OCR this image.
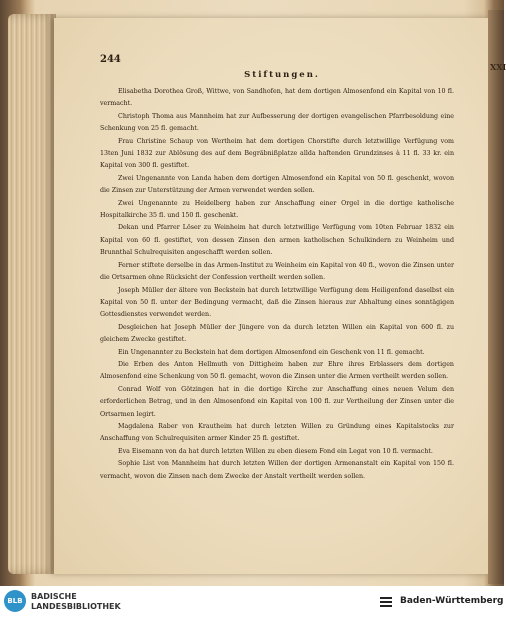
XXI
244
Stiftungen.

Elisabetha Dorothea Groß, Wittwe, von Sandhofen, hat dem dortigen Almosenfond ein Kapital von 10 fl. vermacht.

Christoph Thoma aus Mannheim hat zur Aufbesserung der dortigen evangelischen Pfarrbesoldung eine Schenkung von 25 fl. gemacht.

Frau Christine Schaup von Wertheim hat dem dortigen Chorstifte durch letztwillige Verfügung vom 13ten Juni 1832 zur Ablösung des auf dem Begräbnißplatze allda haftenden Grundzinses à 11 fl. 33 kr. ein Kapital von 300 fl. gestiftet.

Zwei Ungenannte von Landa haben dem dortigen Almosenfond ein Kapital von 50 fl. geschenkt, wovon die Zinsen zur Unterstützung der Armen verwendet werden sollen.

Zwei Ungenannte zu Heidelberg haben zur Anschaffung einer Orgel in die dortige katholische Hospitalkirche 35 fl. und 150 fl. geschenkt.

Dekan und Pfarrer Löser zu Weinheim hat durch letztwillige Verfügung vom 10ten Februar 1832 ein Kapital von 60 fl. gestiftet, von dessen Zinsen den armen katholischen Schulkindern zu Weinheim und Brunnthal Schulrequisiten angeschafft werden sollen.

Ferner stiftete derselbe in das Armen-Institut zu Weinheim ein Kapital von 40 fl., wovon die Zinsen unter die Ortsarmen ohne Rücksicht der Confession vertheilt werden sollen.

Joseph Müller der ältere von Beckstein hat durch letztwillige Verfügung dem Heiligenfond daselbst ein Kapital von 50 fl. unter der Bedingung vermacht, daß die Zinsen hieraus zur Abhaltung eines sonntägigen Gottesdienstes verwendet werden.

Desgleichen hat Joseph Müller der Jüngere von da durch letzten Willen ein Kapital von 600 fl. zu gleichem Zwecke gestiftet.

Ein Ungenannter zu Beckstein hat dem dortigen Almosenfond ein Geschenk von 11 fl. gemacht.

Die Erben des Anton Hellmuth von Dittigheim haben zur Ehre ihres Erblassers dem dortigen Almosenfond eine Schenkung von 50 fl. gemacht, wovon die Zinsen unter die Armen vertheilt werden sollen.

Conrad Wolf von Götzingen hat in die dortige Kirche zur Anschaffung eines neuen Velum den erforderlichen Betrag, und in den Almosenfond ein Kapital von 100 fl. zur Vertheilung der Zinsen unter die Ortsarmen legirt.

Magdalena Raber von Krautheim hat durch letzten Willen zu Gründung eines Kapitalstocks zur Anschaffung von Schulrequisiten armer Kinder 25 fl. gestiftet.

Eva Eisemann von da hat durch letzten Willen zu eben diesem Fond ein Legat von 10 fl. vermacht.

Sophie List von Mannheim hat durch letzten Willen der dortigen Armenanstalt ein Kapital von 150 fl. vermacht, wovon die Zinsen nach dem Zwecke der Anstalt vertheilt werden sollen.

BLB	BADISCHE
LANDESBIBLIOTHEK
Baden-Württemberg
